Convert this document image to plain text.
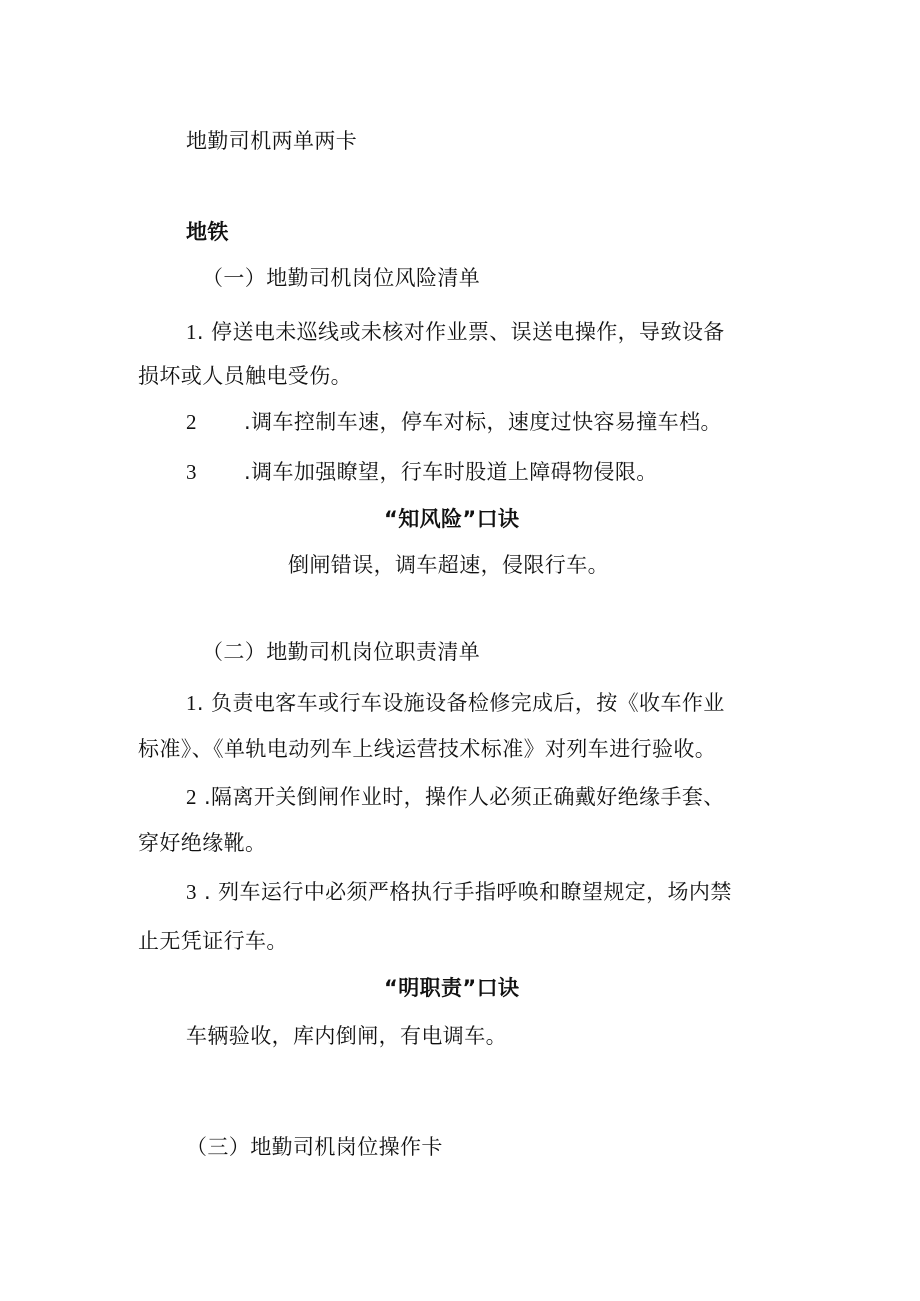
地勤司机两单两卡
地铁
（一）地勤司机岗位风险清单
1. 停送电未巡线或未核对作业票、误送电操作，导致设备
损坏或人员触电受伤。
2 .调车控制车速，停车对标，速度过快容易撞车档。
3 .调车加强瞭望，行车时股道上障碍物侵限。
“知风险”口诀
倒闸错误，调车超速，侵限行车。
（二）地勤司机岗位职责清单
1. 负责电客车或行车设施设备检修完成后，按《收车作业
标准》、《单轨电动列车上线运营技术标准》对列车进行验收。
2 .隔离开关倒闸作业时，操作人必须正确戴好绝缘手套、
穿好绝缘靴。
3 . 列车运行中必须严格执行手指呼唤和瞭望规定，场内禁
止无凭证行车。
“明职责”口诀
车辆验收，库内倒闸，有电调车。
（三）地勤司机岗位操作卡
